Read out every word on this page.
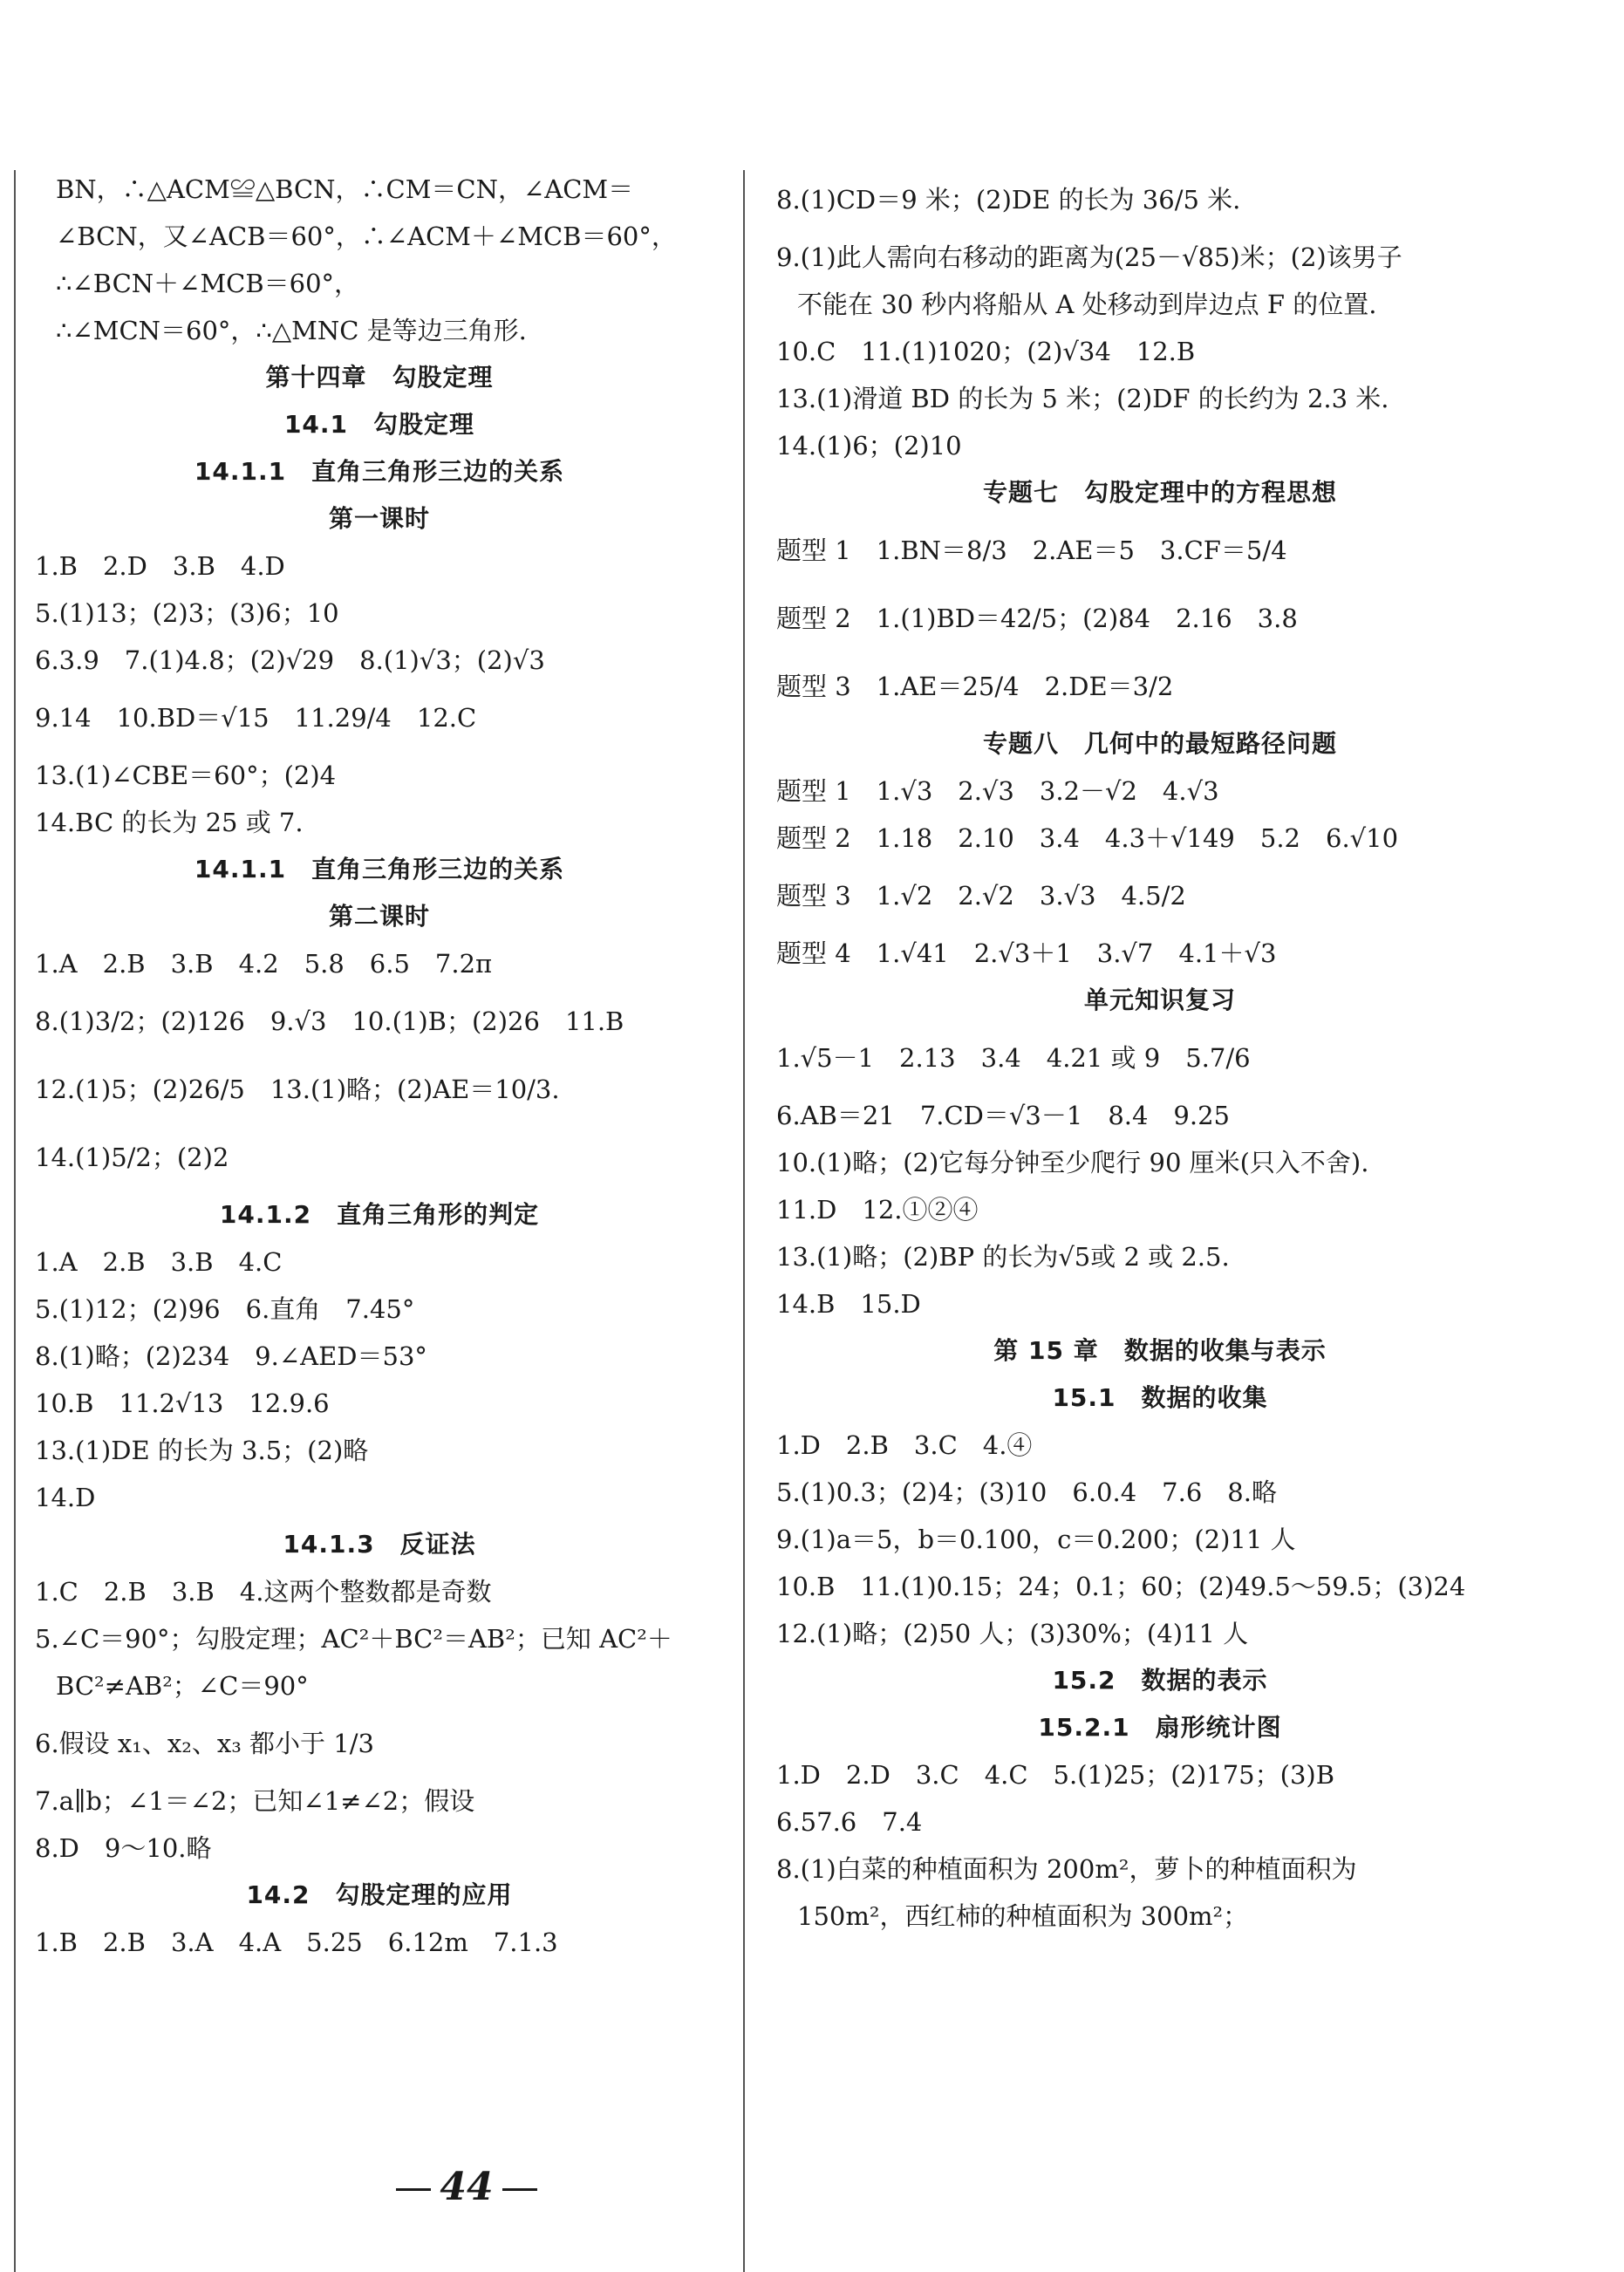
BN，∴△ACM≌△BCN，∴CM＝CN，∠ACM＝
∠BCN，又∠ACB＝60°，∴∠ACM＋∠MCB＝60°，
∴∠BCN＋∠MCB＝60°，
∴∠MCN＝60°，∴△MNC 是等边三角形.
第十四章　勾股定理
14.1　勾股定理
14.1.1　直角三角形三边的关系
第一课时
1.B　2.D　3.B　4.D
5.(1)13；(2)3；(3)6；10
6.3.9　7.(1)4.8；(2)√29　8.(1)√3；(2)√3
9.14　10.BD＝√15　11.29/4　12.C
13.(1)∠CBE＝60°；(2)4
14.BC 的长为 25 或 7.
14.1.1　直角三角形三边的关系
第二课时
1.A　2.B　3.B　4.2　5.8　6.5　7.2π
8.(1)3/2；(2)126　9.√3　10.(1)B；(2)26　11.B
12.(1)5；(2)26/5　13.(1)略；(2)AE＝10/3.
14.(1)5/2；(2)2
14.1.2　直角三角形的判定
1.A　2.B　3.B　4.C
5.(1)12；(2)96　6.直角　7.45°
8.(1)略；(2)234　9.∠AED＝53°
10.B　11.2√13　12.9.6
13.(1)DE 的长为 3.5；(2)略
14.D
14.1.3　反证法
1.C　2.B　3.B　4.这两个整数都是奇数
5.∠C＝90°；勾股定理；AC²＋BC²＝AB²；已知 AC²＋
BC²≠AB²；∠C＝90°
6.假设 x₁、x₂、x₃ 都小于 1/3
7.a∥b；∠1＝∠2；已知∠1≠∠2；假设
8.D　9～10.略
14.2　勾股定理的应用
1.B　2.B　3.A　4.A　5.25　6.12m　7.1.3
8.(1)CD＝9 米；(2)DE 的长为 36/5 米.
9.(1)此人需向右移动的距离为(25－√85)米；(2)该男子
不能在 30 秒内将船从 A 处移动到岸边点 F 的位置.
10.C　11.(1)1020；(2)√34　12.B
13.(1)滑道 BD 的长为 5 米；(2)DF 的长约为 2.3 米.
14.(1)6；(2)10
专题七　勾股定理中的方程思想
题型 1　1.BN＝8/3　2.AE＝5　3.CF＝5/4
题型 2　1.(1)BD＝42/5；(2)84　2.16　3.8
题型 3　1.AE＝25/4　2.DE＝3/2
专题八　几何中的最短路径问题
题型 1　1.√3　2.√3　3.2－√2　4.√3
题型 2　1.18　2.10　3.4　4.3＋√149　5.2　6.√10
题型 3　1.√2　2.√2　3.√3　4.5/2
题型 4　1.√41　2.√3＋1　3.√7　4.1＋√3
单元知识复习
1.√5－1　2.13　3.4　4.21 或 9　5.7/6
6.AB＝21　7.CD＝√3－1　8.4　9.25
10.(1)略；(2)它每分钟至少爬行 90 厘米(只入不舍).
11.D　12.①②④
13.(1)略；(2)BP 的长为√5或 2 或 2.5.
14.B　15.D
第 15 章　数据的收集与表示
15.1　数据的收集
1.D　2.B　3.C　4.④
5.(1)0.3；(2)4；(3)10　6.0.4　7.6　8.略
9.(1)a＝5，b＝0.100，c＝0.200；(2)11 人
10.B　11.(1)0.15；24；0.1；60；(2)49.5～59.5；(3)24
12.(1)略；(2)50 人；(3)30%；(4)11 人
15.2　数据的表示
15.2.1　扇形统计图
1.D　2.D　3.C　4.C　5.(1)25；(2)175；(3)B
6.57.6　7.4
8.(1)白菜的种植面积为 200m²，萝卜的种植面积为
150m²，西红柿的种植面积为 300m²；
44
